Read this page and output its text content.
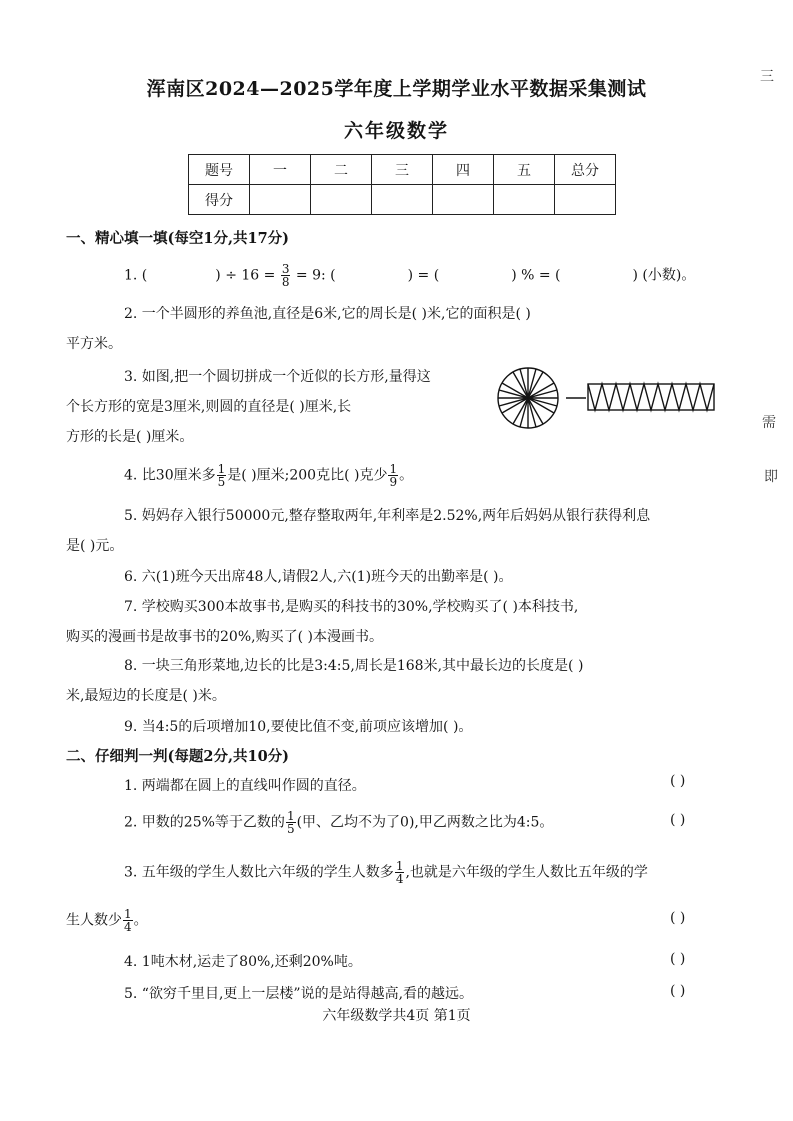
三
需
即
浑南区2024—2025学年度上学期学业水平数据采集测试
六年级数学
题号	一	二	三	四	五	总分
得分						
一、精心填一填(每空1分,共17分)
1. (	) ÷ $16 = \frac{3}{8} = 9$: (	) = (	) % = (	) (小数)。
2. 一个半圆形的养鱼池,直径是6米,它的周长是( )米,它的面积是( )
平方米。
3. 如图,把一个圆切拼成一个近似的长方形,量得这
个长方形的宽是3厘米,则圆的直径是( )厘米,长
方形的长是( )厘米。
4. 比30厘米多 $\frac{1}{5}$ 是( )厘米;200克比( )克少 $\frac{1}{9}$ 。
5. 妈妈存入银行50000元,整存整取两年,年利率是2.52%,两年后妈妈从银行获得利息
是( )元。
6. 六(1)班今天出席48人,请假2人,六(1)班今天的出勤率是( )。
7. 学校购买300本故事书,是购买的科技书的30%,学校购买了( )本科技书,
购买的漫画书是故事书的20%,购买了( )本漫画书。
8. 一块三角形菜地,边长的比是3:4:5,周长是168米,其中最长边的长度是( )
米,最短边的长度是( )米。
9. 当4:5的后项增加10,要使比值不变,前项应该增加( )。
二、仔细判一判(每题2分,共10分)
1. 两端都在圆上的直线叫作圆的直径。	( )
2. 甲数的25%等于乙数的 $\frac{1}{5}$ (甲、乙均不为了0),甲乙两数之比为4:5。	( )
3. 五年级的学生人数比六年级的学生人数多 $\frac{1}{4}$ ,也就是六年级的学生人数比五年级的学
生人数少 $\frac{1}{4}$ 。	( )
4. 1吨木材,运走了80%,还剩20%吨。	( )
5. “欲穷千里目,更上一层楼”说的是站得越高,看的越远。	( )
六年级数学共4页 第1页
